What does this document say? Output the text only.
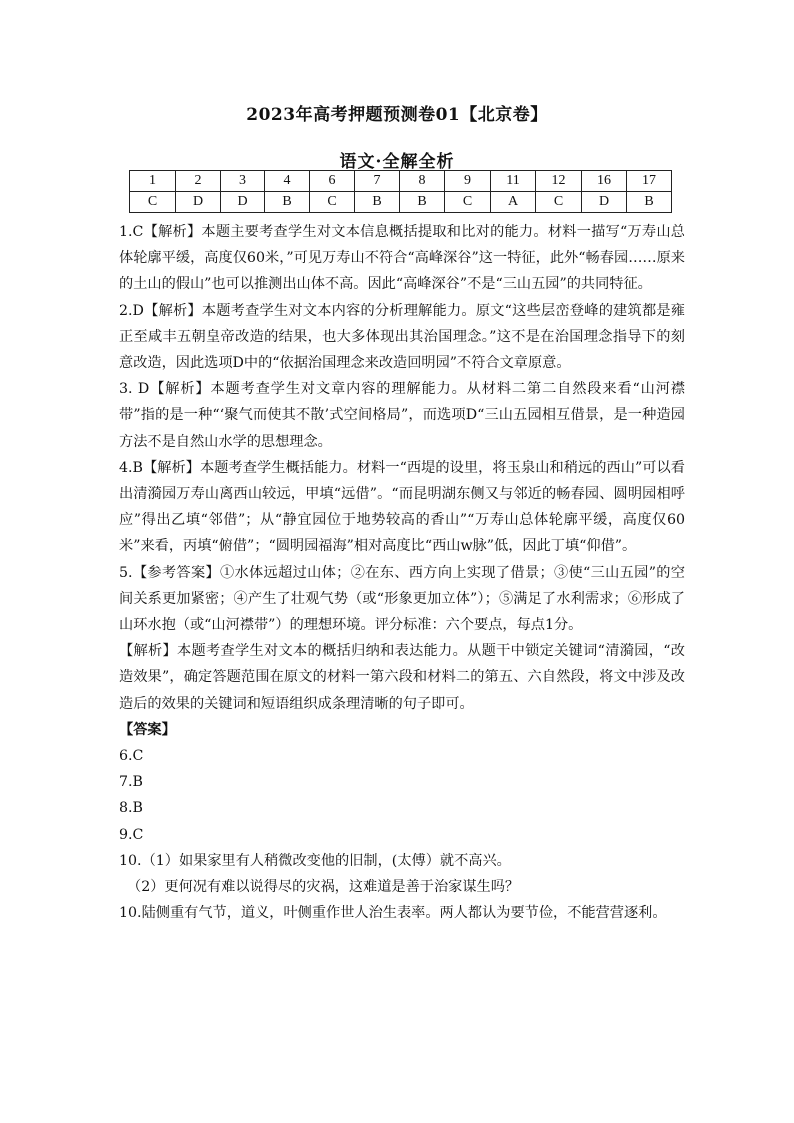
2023年高考押题预测卷01【北京卷】
语文·全解全析
1	2	3	4	6	7	8	9	11	12	16	17
C	D	D	B	C	B	B	C	A	C	D	B

1.C【解析】本题主要考查学生对文本信息概括提取和比对的能力。材料一描写“万寿山总体轮廓平缓，高度仅60米，”可见万寿山不符合“高峰深谷”这一特征，此外“畅春园……原来的土山的假山”也可以推测出山体不高。因此“高峰深谷”不是“三山五园”的共同特征。

2.D【解析】本题考查学生对文本内容的分析理解能力。原文“这些层峦登峰的建筑都是雍正至咸丰五朝皇帝改造的结果，也大多体现出其治国理念。”这不是在治国理念指导下的刻意改造，因此选项D中的“依据治国理念来改造回明园”不符合文章原意。

3. D【解析】本题考查学生对文章内容的理解能力。从材料二第二自然段来看“山河襟带”指的是一种“‘聚气而使其不散’式空间格局”，而选项D“三山五园相互借景，是一种造园方法不是自然山水学的思想理念。

4.B【解析】本题考查学生概括能力。材料一“西堤的设里，将玉泉山和稍远的西山”可以看出清漪园万寿山离西山较远，甲填“远借”。“而昆明湖东侧又与邻近的畅春园、圆明园相呼应”得出乙填“邻借”；从“静宜园位于地势较高的香山”“万寿山总体轮廓平缓，高度仅60米”来看，丙填“俯借”；“圆明园福海”相对高度比“西山w脉”低，因此丁填“仰借”。

5.【参考答案】①水体远超过山体；②在东、西方向上实现了借景；③使“三山五园”的空间关系更加紧密；④产生了壮观气势（或“形象更加立体”）；⑤满足了水利需求；⑥形成了山环水抱（或“山河襟带”）的理想环境。评分标准：六个要点，每点1分。

【解析】本题考查学生对文本的概括归纳和表达能力。从题干中锁定关键词“清漪园，“改造效果”，确定答题范围在原文的材料一第六段和材料二的第五、六自然段，将文中涉及改造后的效果的关键词和短语组织成条理清晰的句子即可。

【答案】

6.C

7.B

8.B

9.C

10.（1）如果家里有人稍微改变他的旧制，(太傅）就不高兴。

（2）更何况有难以说得尽的灾祸，这难道是善于治家谋生吗？

10.陆侧重有气节，道义，叶侧重作世人治生表率。两人都认为要节俭，不能营营逐利。
